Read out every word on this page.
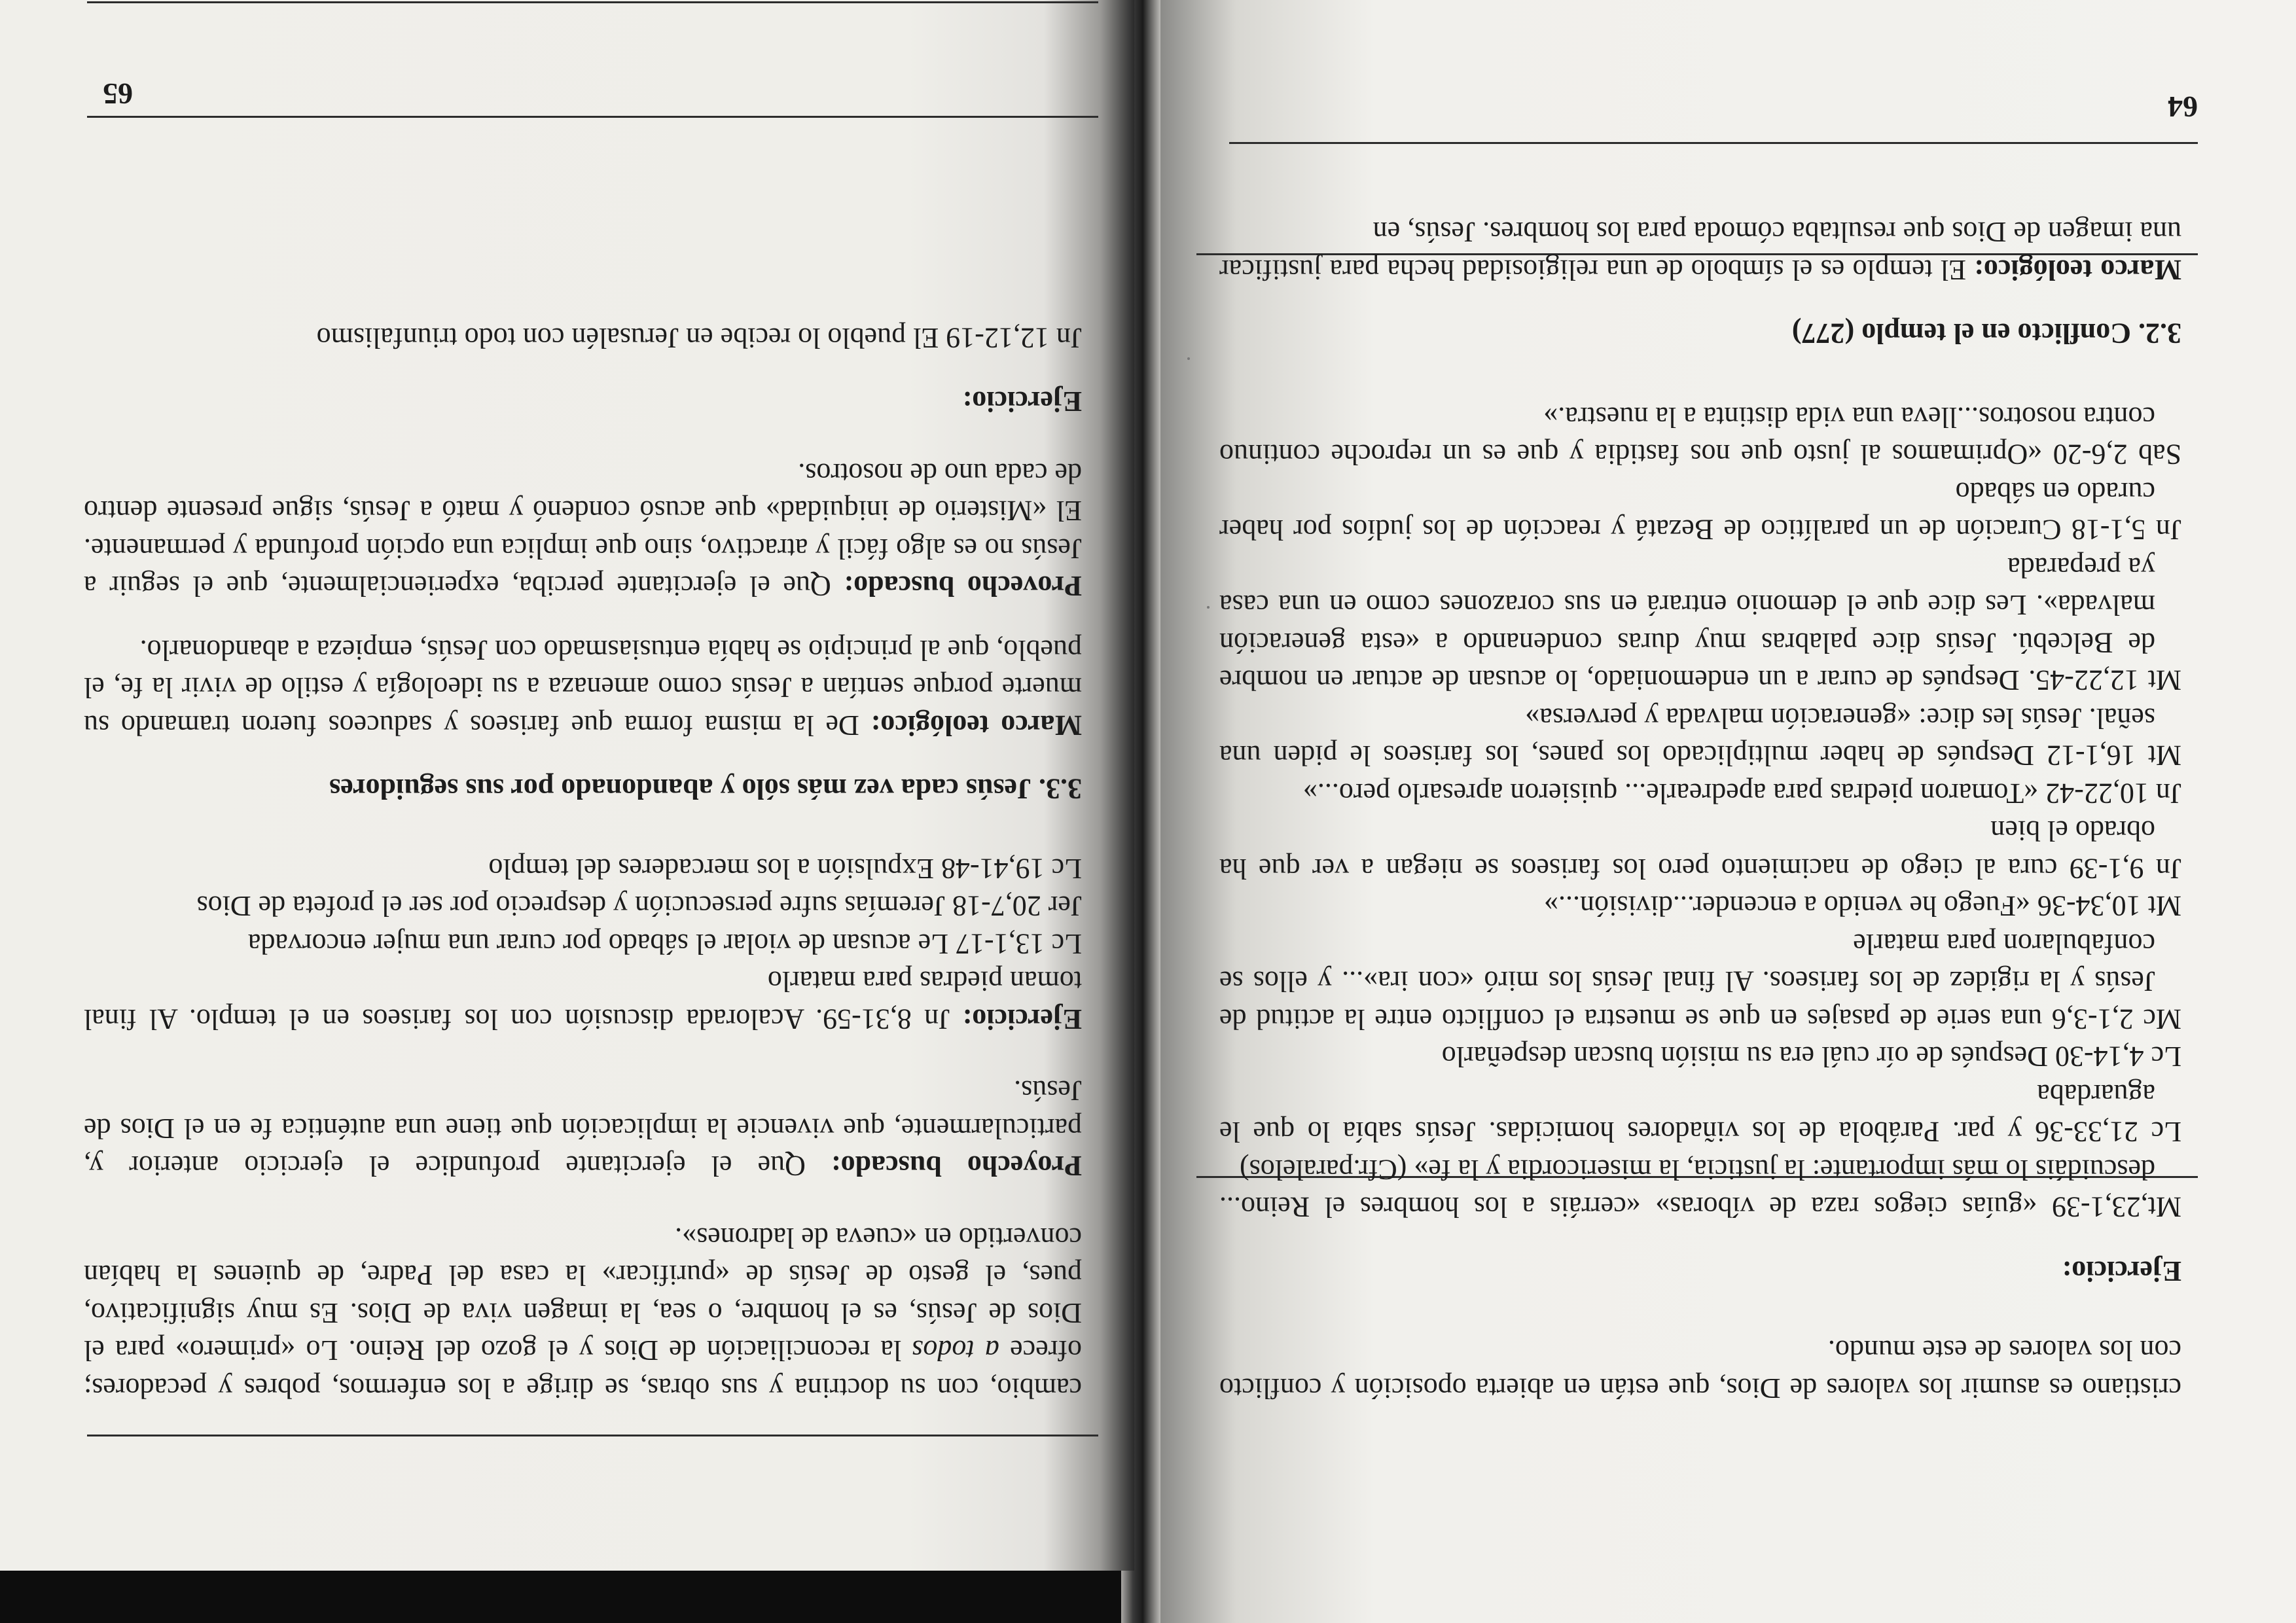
64

cristiano es asumir los valores de Dios, que están en abierta oposición y conflicto con los valores de este mundo.

Ejercicio:

Mt,23,1-39 «guías ciegos raza de víboras» «cerráis a los hombres el Reino... descuidáis lo más importante: la justicia, la misericordia y la fe» (Cfr.paralelos)

Lc 21,33-36 y par. Parábola de los viñadores homicidas. Jesús sabía lo que le aguardaba

Lc 4,14-30 Después de oír cuál era su misión buscan despeñarlo

Mc 2,1-3,6 una serie de pasajes en que se muestra el conflicto entre la actitud de Jesús y la rigidez de los fariseos. Al final Jesús los miró «con ira»... y ellos se confabularon para matarle

Mt 10,34-36 «Fuego he venido a encender...división...»

Jn 9,1-39 cura al ciego de nacimiento pero los fariseos se niegan a ver que ha obrado el bien

Jn 10,22-42 «Tomaron piedras para apedrearle... quisieron apresarlo pero...»

Mt 16,1-12 Después de haber multiplicado los panes, los fariseos le piden una señal. Jesús les dice: «generación malvada y perversa»

Mt 12,22-45. Después de curar a un endemoniado, lo acusan de actuar en nombre de Belcebú. Jesús dice palabras muy duras condenando a «esta generación malvada». Les dice que el demonio entrará en sus corazones como en una casa ya preparada

Jn 5,1-18 Curación de un paralítico de Bezatá y reacción de los judíos por haber curado en sábado

Sab 2,6-20 «Oprimamos al justo que nos fastidia y que es un reproche continuo contra nosotros...lleva una vida distinta a la nuestra.»

3.2. Conflicto en el templo (277)

Marco teológico: El templo es el símbolo de una religiosidad hecha para justificar una imagen de Dios que resultaba cómoda para los hombres. Jesús, en

65

cambio, con su doctrina y sus obras, se dirige a los enfermos, pobres y pecadores; ofrece a todos la reconciliación de Dios y el gozo del Reino. Lo «primero» para el Dios de Jesús, es el hombre, o sea, la imagen viva de Dios. Es muy significativo, pues, el gesto de Jesús de «purificar» la casa del Padre, de quienes la habían convertido en «cueva de ladrones».

Proyecho buscado: Que el ejercitante profundice el ejercicio anterior y, particularmente, que vivencie la implicación que tiene una auténtica fe en el Dios de Jesús.

Ejercicio: Jn 8,31-59. Acalorada discusión con los fariseos en el templo. Al final toman piedras para matarlo

Lc 13,1-17 Le acusan de violar el sábado por curar una mujer encorvada

Jer 20,7-18 Jeremías sufre persecución y desprecio por ser el profeta de Dios

Lc 19,41-48 Expulsión a los mercaderes del templo

3.3. Jesús cada vez más sólo y abandonado por sus seguidores

Marco teológico: De la misma forma que fariseos y saduceos fueron tramando su muerte porque sentían a Jesús como amenaza a su ideología y estilo de vivir la fe, el pueblo, que al principio se había entusiasmado con Jesús, empieza a abandonarlo.

Provecho buscado: Que el ejercitante perciba, experiencialmente, que el seguir a Jesús no es algo fácil y atractivo, sino que implica una opción profunda y permanente. El «Misterio de iniquidad» que acusó condenó y mató a Jesús, sigue presente dentro de cada uno de nosotros.

Ejercicio:

Jn 12,12-19 El pueblo lo recibe en Jerusalén con todo triunfalismo
